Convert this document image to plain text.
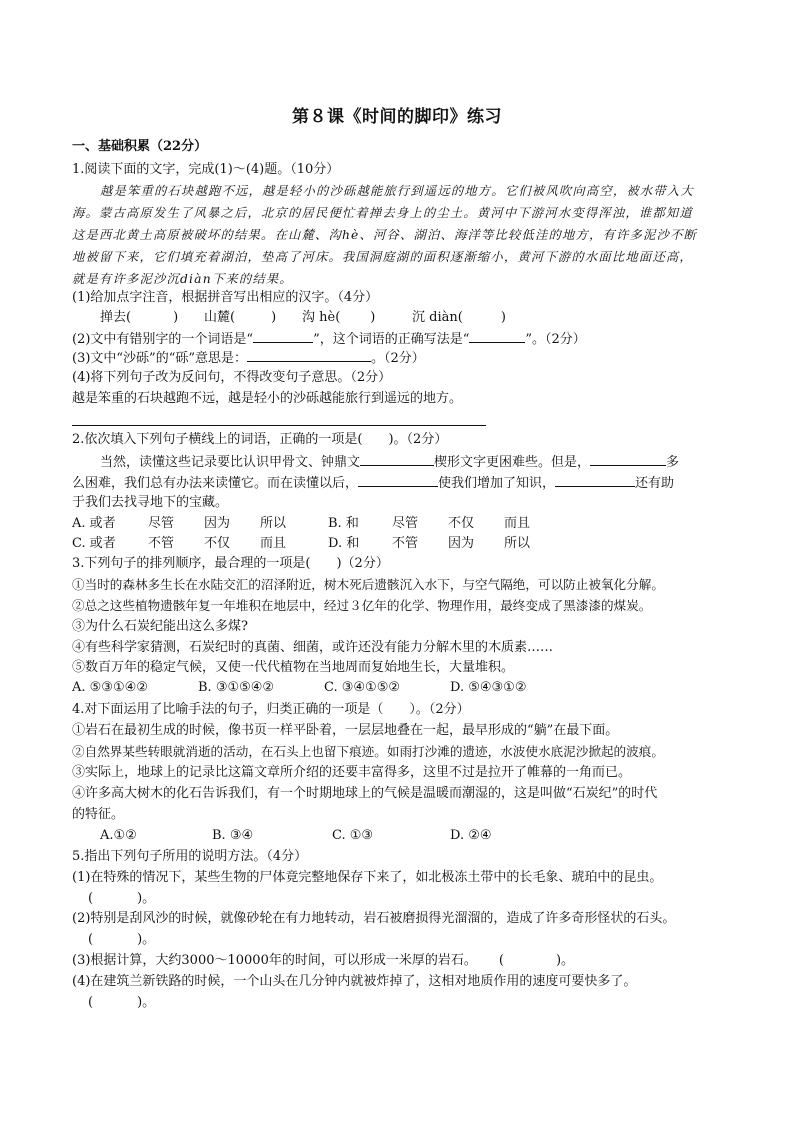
第８课《时间的脚印》练习
一、基础积累（22分）
1.阅读下面的文字，完成(1)～(4)题。（10分）
越是笨重的石块越跑不远，越是轻小的沙砾越能旅行到遥远的地方。它们被风吹向高空，被水带入大
海。蒙古高原发生了风暴之后，北京的居民便忙着掸去身上的尘土。黄河中下游河水变得浑浊，谁都知道
这是西北黄土高原被破坏的结果。在山麓、沟hè、河谷、湖泊、海洋等比较低洼的地方，有许多泥沙不断
地被留下来，它们填充着湖泊，垫高了河床。我国洞庭湖的面积逐渐缩小，黄河下游的水面比地面还高，
就是有许多泥沙沉diàn下来的结果。
(1)给加点字注音，根据拼音写出相应的汉字。（4分）
掸去(	) 山麓(	) 沟 hè( )	沉 diàn(	)
(2)文中有错别字的一个词语是“	”，这个词语的正确写法是“	”。（2分）
(3)文中“沙砾”的“砾”意思是：	。（2分）
(4)将下列句子改为反问句，不得改变句子意思。（2分）
越是笨重的石块越跑不远，越是轻小的沙砾越能旅行到遥远的地方。
2.依次填入下列句子横线上的词语，正确的一项是(　　)。（2分）
当然，读懂这些记录要比认识甲骨文、钟鼎文	楔形文字更困难些。但是，	多
么困难，我们总有办法来读懂它。而在读懂以后，	使我们增加了知识，	还有助
于我们去找寻地下的宝藏。
A. 或者 尽管 因为 所以	B. 和	尽管 不仅 而且
C. 或者 不管 不仅 而且	D. 和	不管 因为 所以
3.下列句子的排列顺序，最合理的一项是(　　)（2分）
①当时的森林多生长在水陆交汇的沼泽附近，树木死后遗骸沉入水下，与空气隔绝，可以防止被氧化分解。
②总之这些植物遗骸年复一年堆积在地层中，经过３亿年的化学、物理作用，最终变成了黑漆漆的煤炭。
③为什么石炭纪能出这么多煤?
④有些科学家猜测，石炭纪时的真菌、细菌，或许还没有能力分解木里的木质素……
⑤数百万年的稳定气候，又使一代代植物在当地周而复始地生长，大量堆积。
A. ⑤③①④②	B. ③①⑤④②	C. ③④①⑤②	D. ⑤④③①②
4.对下面运用了比喻手法的句子，归类正确的一项是（　　）。（2分）
①岩石在最初生成的时候，像书页一样平卧着，一层层地叠在一起，最早形成的“躺”在最下面。
②自然界某些转眼就消逝的活动，在石头上也留下痕迹。如雨打沙滩的遗迹，水波使水底泥沙掀起的波痕。
③实际上，地球上的记录比这篇文章所介绍的还要丰富得多，这里不过是拉开了帷幕的一角而已。
④许多高大树木的化石告诉我们，有一个时期地球上的气候是温暖而潮湿的，这是叫做“石炭纪”的时代
的特征。
A.①②	B. ③④	C. ①③	D. ②④
5.指出下列句子所用的说明方法。（4分）
(1)在特殊的情况下，某些生物的尸体竟完整地保存下来了，如北极冻土带中的长毛象、琥珀中的昆虫。
(	)。
(2)特别是刮风沙的时候，就像砂轮在有力地转动，岩石被磨损得光溜溜的，造成了许多奇形怪状的石头。
(	)。
(3)根据计算，大约3000～10000年的时间，可以形成一米厚的岩石。 (	)。
(4)在建筑兰新铁路的时候，一个山头在几分钟内就被炸掉了，这相对地质作用的速度可要快多了。
(	)。
